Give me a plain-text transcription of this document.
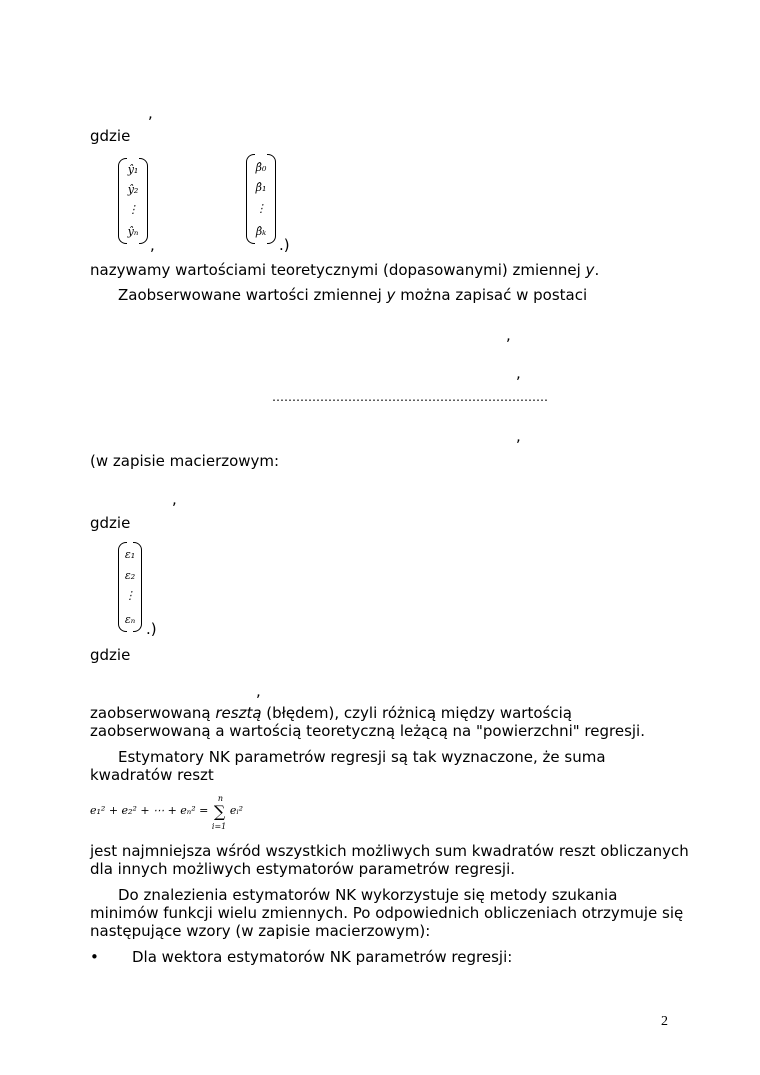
,
gdzie
ŷ₁
ŷ₂
⋮
ŷₙ
,
β̂₀
β̂₁
⋮
β̂ₖ
.)
nazywamy wartościami teoretycznymi (dopasowanymi) zmiennej y.
Zaobserwowane wartości zmiennej y można zapisać w postaci
,
,
……………………………………………………………
,
(w zapisie macierzowym:
,
gdzie
ε₁
ε₂
⋮
εₙ
.)
gdzie
,
zaobserwowaną resztą (błędem), czyli różnicą między wartością
zaobserwowaną a wartością teoretyczną leżącą na "powierzchni" regresji.
Estymatory NK parametrów regresji są tak wyznaczone, że suma kwadratów reszt
e₁² + e₂² + ⋯ + eₙ² =
n
∑
i=1
eᵢ²
jest najmniejsza wśród wszystkich możliwych sum kwadratów reszt obliczanych dla innych możliwych estymatorów parametrów regresji.
Do znalezienia estymatorów NK wykorzystuje się metody szukania minimów funkcji wielu zmiennych. Po odpowiednich obliczeniach otrzymuje się następujące wzory (w zapisie macierzowym):
• Dla wektora estymatorów NK parametrów regresji:
2
